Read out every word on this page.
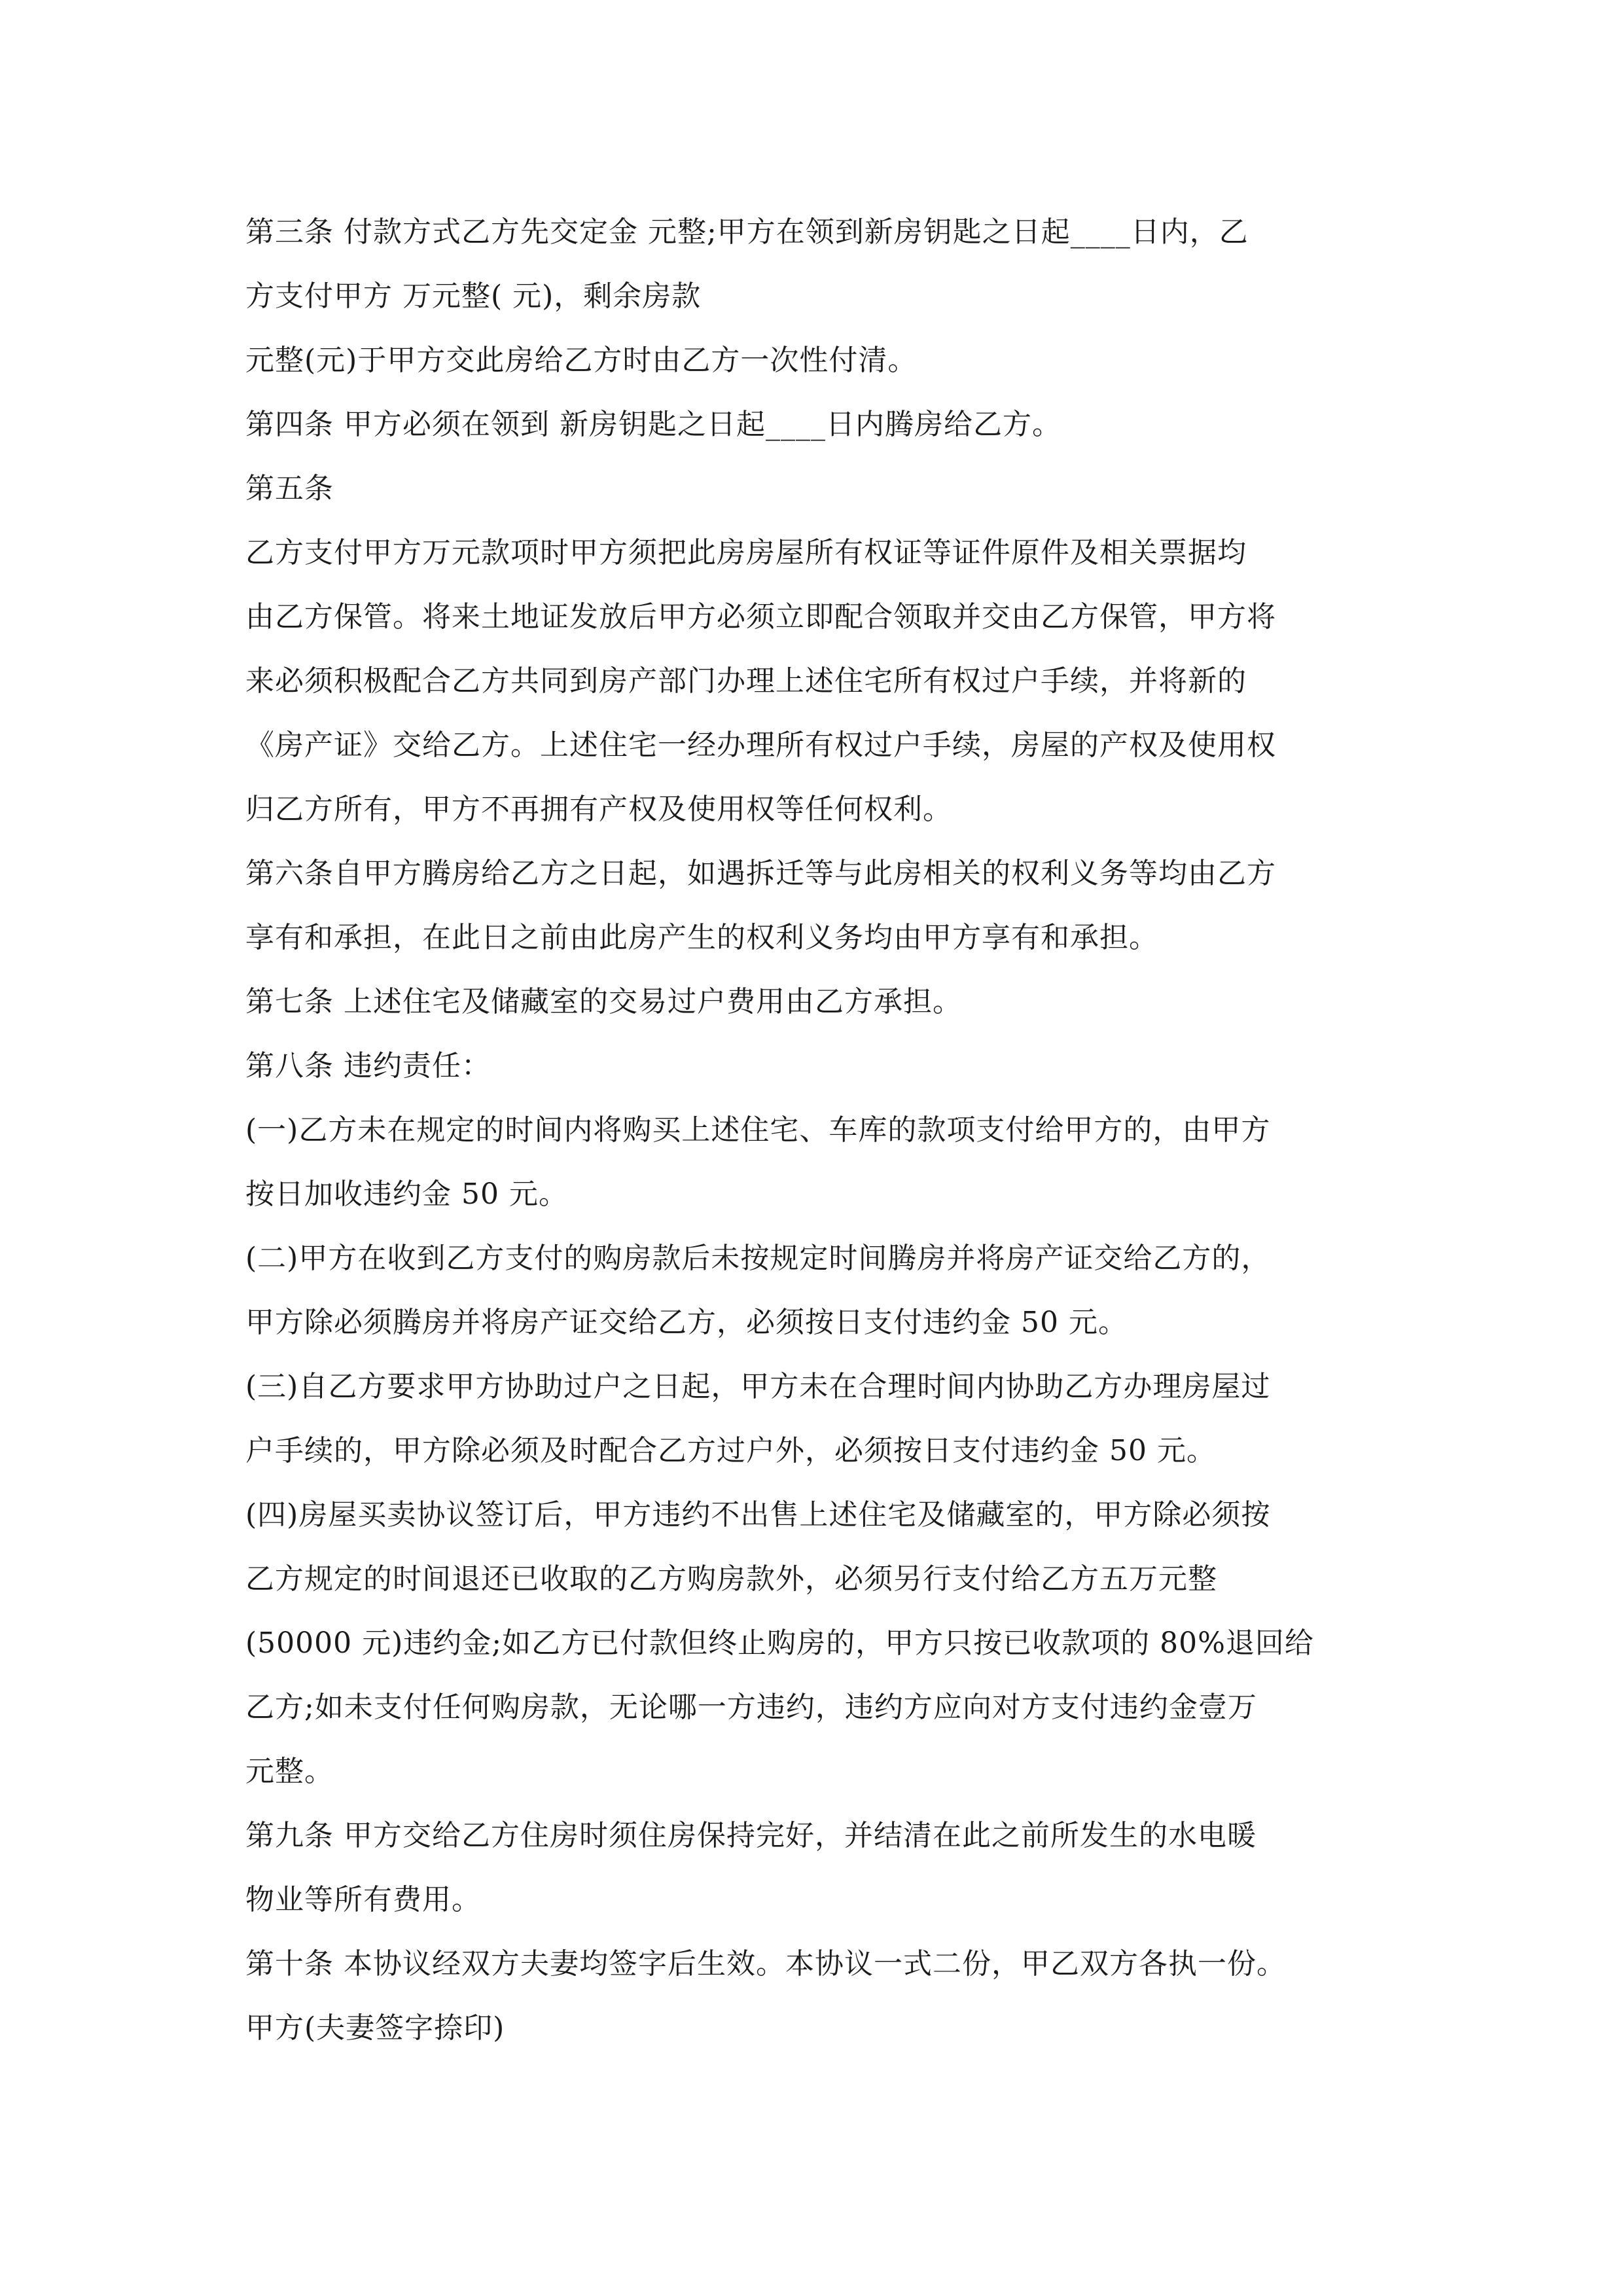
第三条 付款方式乙方先交定金 元整;甲方在领到新房钥匙之日起____日内，乙
方支付甲方 万元整( 元)，剩余房款
元整(元)于甲方交此房给乙方时由乙方一次性付清。
第四条 甲方必须在领到 新房钥匙之日起____日内腾房给乙方。
第五条
乙方支付甲方万元款项时甲方须把此房房屋所有权证等证件原件及相关票据均
由乙方保管。将来土地证发放后甲方必须立即配合领取并交由乙方保管，甲方将
来必须积极配合乙方共同到房产部门办理上述住宅所有权过户手续，并将新的
《房产证》交给乙方。上述住宅一经办理所有权过户手续，房屋的产权及使用权
归乙方所有，甲方不再拥有产权及使用权等任何权利。
第六条自甲方腾房给乙方之日起，如遇拆迁等与此房相关的权利义务等均由乙方
享有和承担，在此日之前由此房产生的权利义务均由甲方享有和承担。
第七条 上述住宅及储藏室的交易过户费用由乙方承担。
第八条 违约责任：
(一)乙方未在规定的时间内将购买上述住宅、车库的款项支付给甲方的，由甲方
按日加收违约金 50 元。
(二)甲方在收到乙方支付的购房款后未按规定时间腾房并将房产证交给乙方的，
甲方除必须腾房并将房产证交给乙方，必须按日支付违约金 50 元。
(三)自乙方要求甲方协助过户之日起，甲方未在合理时间内协助乙方办理房屋过
户手续的，甲方除必须及时配合乙方过户外，必须按日支付违约金 50 元。
(四)房屋买卖协议签订后，甲方违约不出售上述住宅及储藏室的，甲方除必须按
乙方规定的时间退还已收取的乙方购房款外，必须另行支付给乙方五万元整
(50000 元)违约金;如乙方已付款但终止购房的，甲方只按已收款项的 80%退回给
乙方;如未支付任何购房款，无论哪一方违约，违约方应向对方支付违约金壹万
元整。
第九条 甲方交给乙方住房时须住房保持完好，并结清在此之前所发生的水电暖
物业等所有费用。
第十条 本协议经双方夫妻均签字后生效。本协议一式二份，甲乙双方各执一份。
甲方(夫妻签字捺印)
